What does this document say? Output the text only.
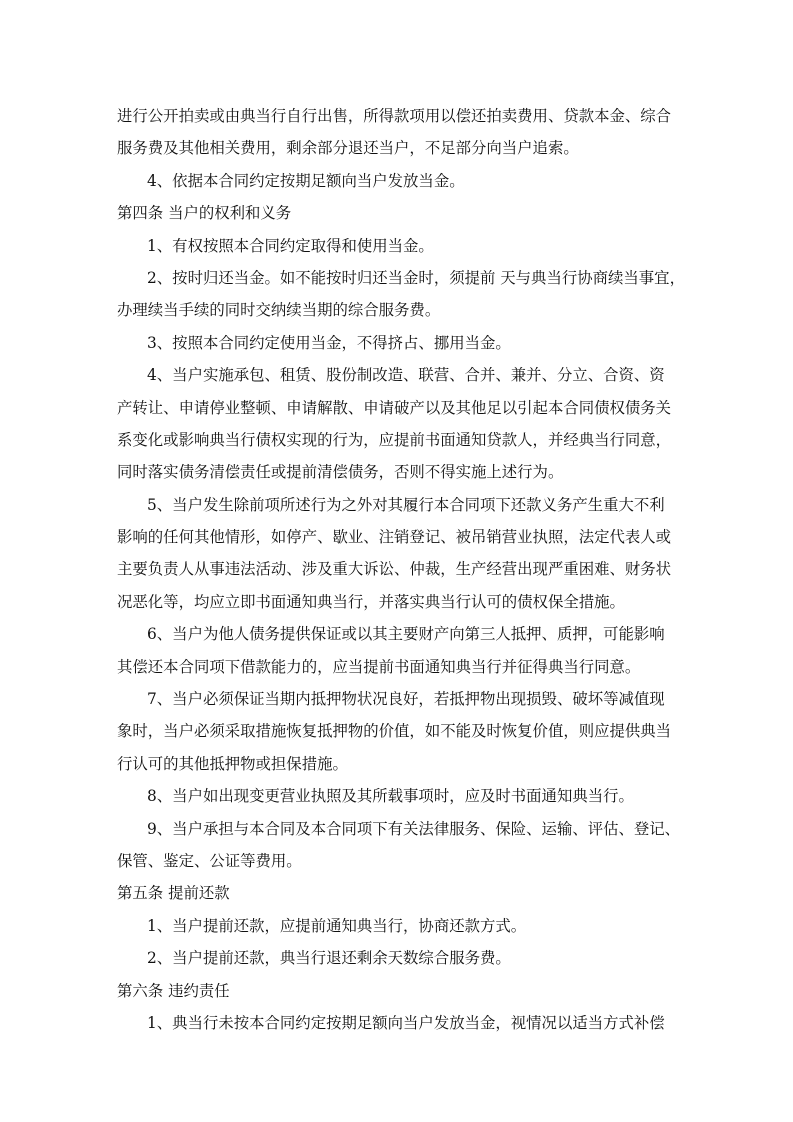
进行公开拍卖或由典当行自行出售，所得款项用以偿还拍卖费用、贷款本金、综合
服务费及其他相关费用，剩余部分退还当户，不足部分向当户追索。
4、依据本合同约定按期足额向当户发放当金。
第四条 当户的权利和义务
1、有权按照本合同约定取得和使用当金。
2、按时归还当金。如不能按时归还当金时，须提前 天与典当行协商续当事宜，
办理续当手续的同时交纳续当期的综合服务费。
3、按照本合同约定使用当金，不得挤占、挪用当金。
4、当户实施承包、租赁、股份制改造、联营、合并、兼并、分立、合资、资
产转让、申请停业整顿、申请解散、申请破产以及其他足以引起本合同债权债务关
系变化或影响典当行债权实现的行为，应提前书面通知贷款人，并经典当行同意，
同时落实债务清偿责任或提前清偿债务，否则不得实施上述行为。
5、当户发生除前项所述行为之外对其履行本合同项下还款义务产生重大不利
影响的任何其他情形，如停产、歇业、注销登记、被吊销营业执照，法定代表人或
主要负责人从事违法活动、涉及重大诉讼、仲裁，生产经营出现严重困难、财务状
况恶化等，均应立即书面通知典当行，并落实典当行认可的债权保全措施。
6、当户为他人债务提供保证或以其主要财产向第三人抵押、质押，可能影响
其偿还本合同项下借款能力的，应当提前书面通知典当行并征得典当行同意。
7、当户必须保证当期内抵押物状况良好，若抵押物出现损毁、破坏等减值现
象时，当户必须采取措施恢复抵押物的价值，如不能及时恢复价值，则应提供典当
行认可的其他抵押物或担保措施。
8、当户如出现变更营业执照及其所载事项时，应及时书面通知典当行。
9、当户承担与本合同及本合同项下有关法律服务、保险、运输、评估、登记、
保管、鉴定、公证等费用。
第五条 提前还款
1、当户提前还款，应提前通知典当行，协商还款方式。
2、当户提前还款，典当行退还剩余天数综合服务费。
第六条 违约责任
1、典当行未按本合同约定按期足额向当户发放当金，视情况以适当方式补偿
